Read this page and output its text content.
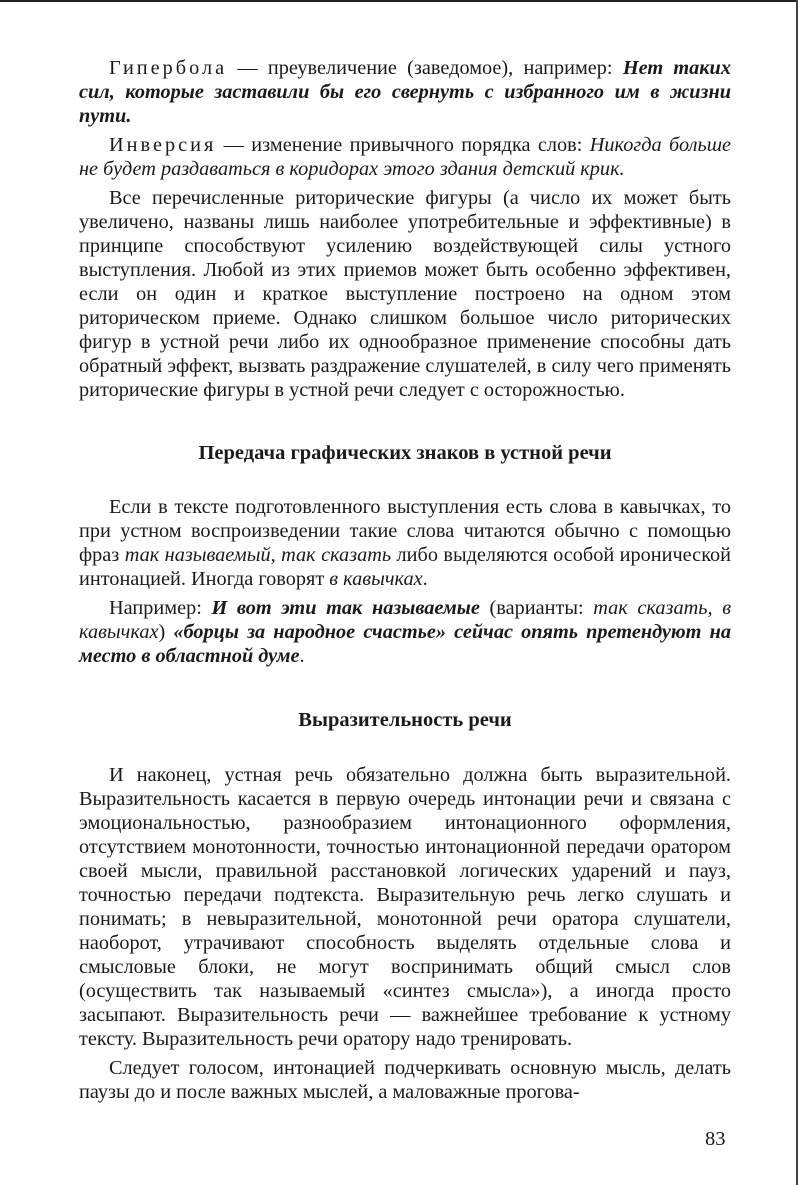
Гипербола — преувеличение (заведомое), например: Нет таких сил, которые заставили бы его свернуть с избранного им в жизни пути.

Инверсия — изменение привычного порядка слов: Никогда больше не будет раздаваться в коридорах этого здания детский крик.

Все перечисленные риторические фигуры (а число их может быть увеличено, названы лишь наиболее употребительные и эффективные) в принципе способствуют усилению воздействующей силы устного выступления. Любой из этих приемов может быть особенно эффективен, если он один и краткое выступление построено на одном этом риторическом приеме. Однако слишком большое число риторических фигур в устной речи либо их однообразное применение способны дать обратный эффект, вызвать раздражение слушателей, в силу чего применять риторические фигуры в устной речи следует с осторожностью.

Передача графических знаков в устной речи

Если в тексте подготовленного выступления есть слова в кавычках, то при устном воспроизведении такие слова читаются обычно с помощью фраз так называемый, так сказать либо выделяются особой иронической интонацией. Иногда говорят в кавычках.

Например: И вот эти так называемые (варианты: так сказать, в кавычках) «борцы за народное счастье» сейчас опять претендуют на место в областной думе.

Выразительность речи

И наконец, устная речь обязательно должна быть выразительной. Выразительность касается в первую очередь интонации речи и связана с эмоциональностью, разнообразием интонационного оформления, отсутствием монотонности, точностью интонационной передачи оратором своей мысли, правильной расстановкой логических ударений и пауз, точностью передачи подтекста. Выразительную речь легко слушать и понимать; в невыразительной, монотонной речи оратора слушатели, наоборот, утрачивают способность выделять отдельные слова и смысловые блоки, не могут воспринимать общий смысл слов (осуществить так называемый «синтез смысла»), а иногда просто засыпают. Выразительность речи — важнейшее требование к устному тексту. Выразительность речи оратору надо тренировать.

Следует голосом, интонацией подчеркивать основную мысль, делать паузы до и после важных мыслей, а маловажные прогова-

83
